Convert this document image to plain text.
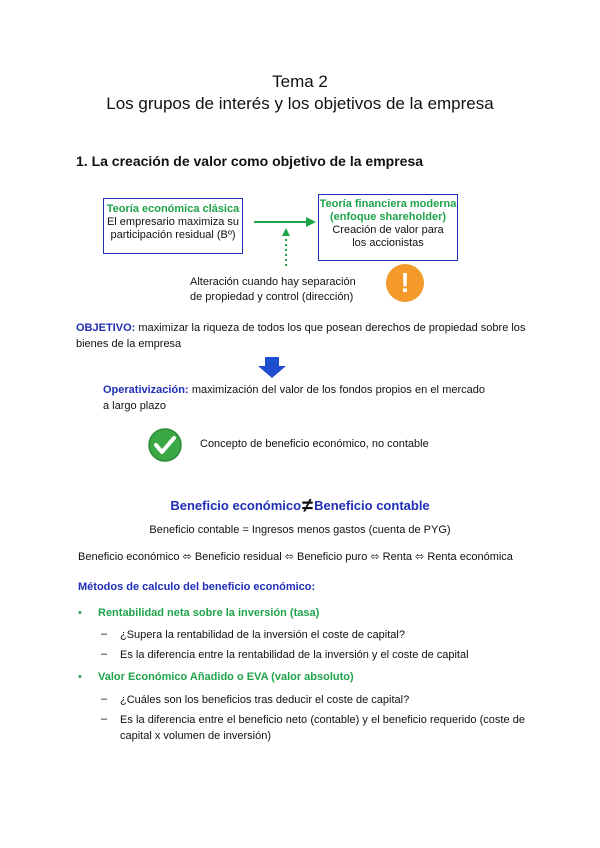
Tema 2
Los grupos de interés y los objetivos de la empresa
1. La creación de valor como objetivo de la empresa
Teoría económica clásica
El empresario maximiza su
participación residual (Bº)
Teoría financiera moderna
(enfoque shareholder)
Creación de valor para
los accionistas
!
Alteración cuando hay separación
de propiedad y control (dirección)
OBJETIVO: maximizar la riqueza de todos los que posean derechos de propiedad sobre los bienes de la empresa
Operativización: maximización del valor de los fondos propios en el mercado a largo plazo
Concepto de beneficio económico, no contable
Beneficio económico≠Beneficio contable
Beneficio contable = Ingresos menos gastos (cuenta de PYG)
Beneficio económico ⬄ Beneficio residual ⬄ Beneficio puro ⬄ Renta ⬄ Renta económica
Métodos de calculo del beneficio económico:
• Rentabilidad neta sobre la inversión (tasa)
– ¿Supera la rentabilidad de la inversión el coste de capital?
– Es la diferencia entre la rentabilidad de la inversión y el coste de capital
• Valor Económico Añadido o EVA (valor absoluto)
– ¿Cuáles son los beneficios tras deducir el coste de capital?
– Es la diferencia entre el beneficio neto (contable) y el beneficio requerido (coste de capital x volumen de inversión)
